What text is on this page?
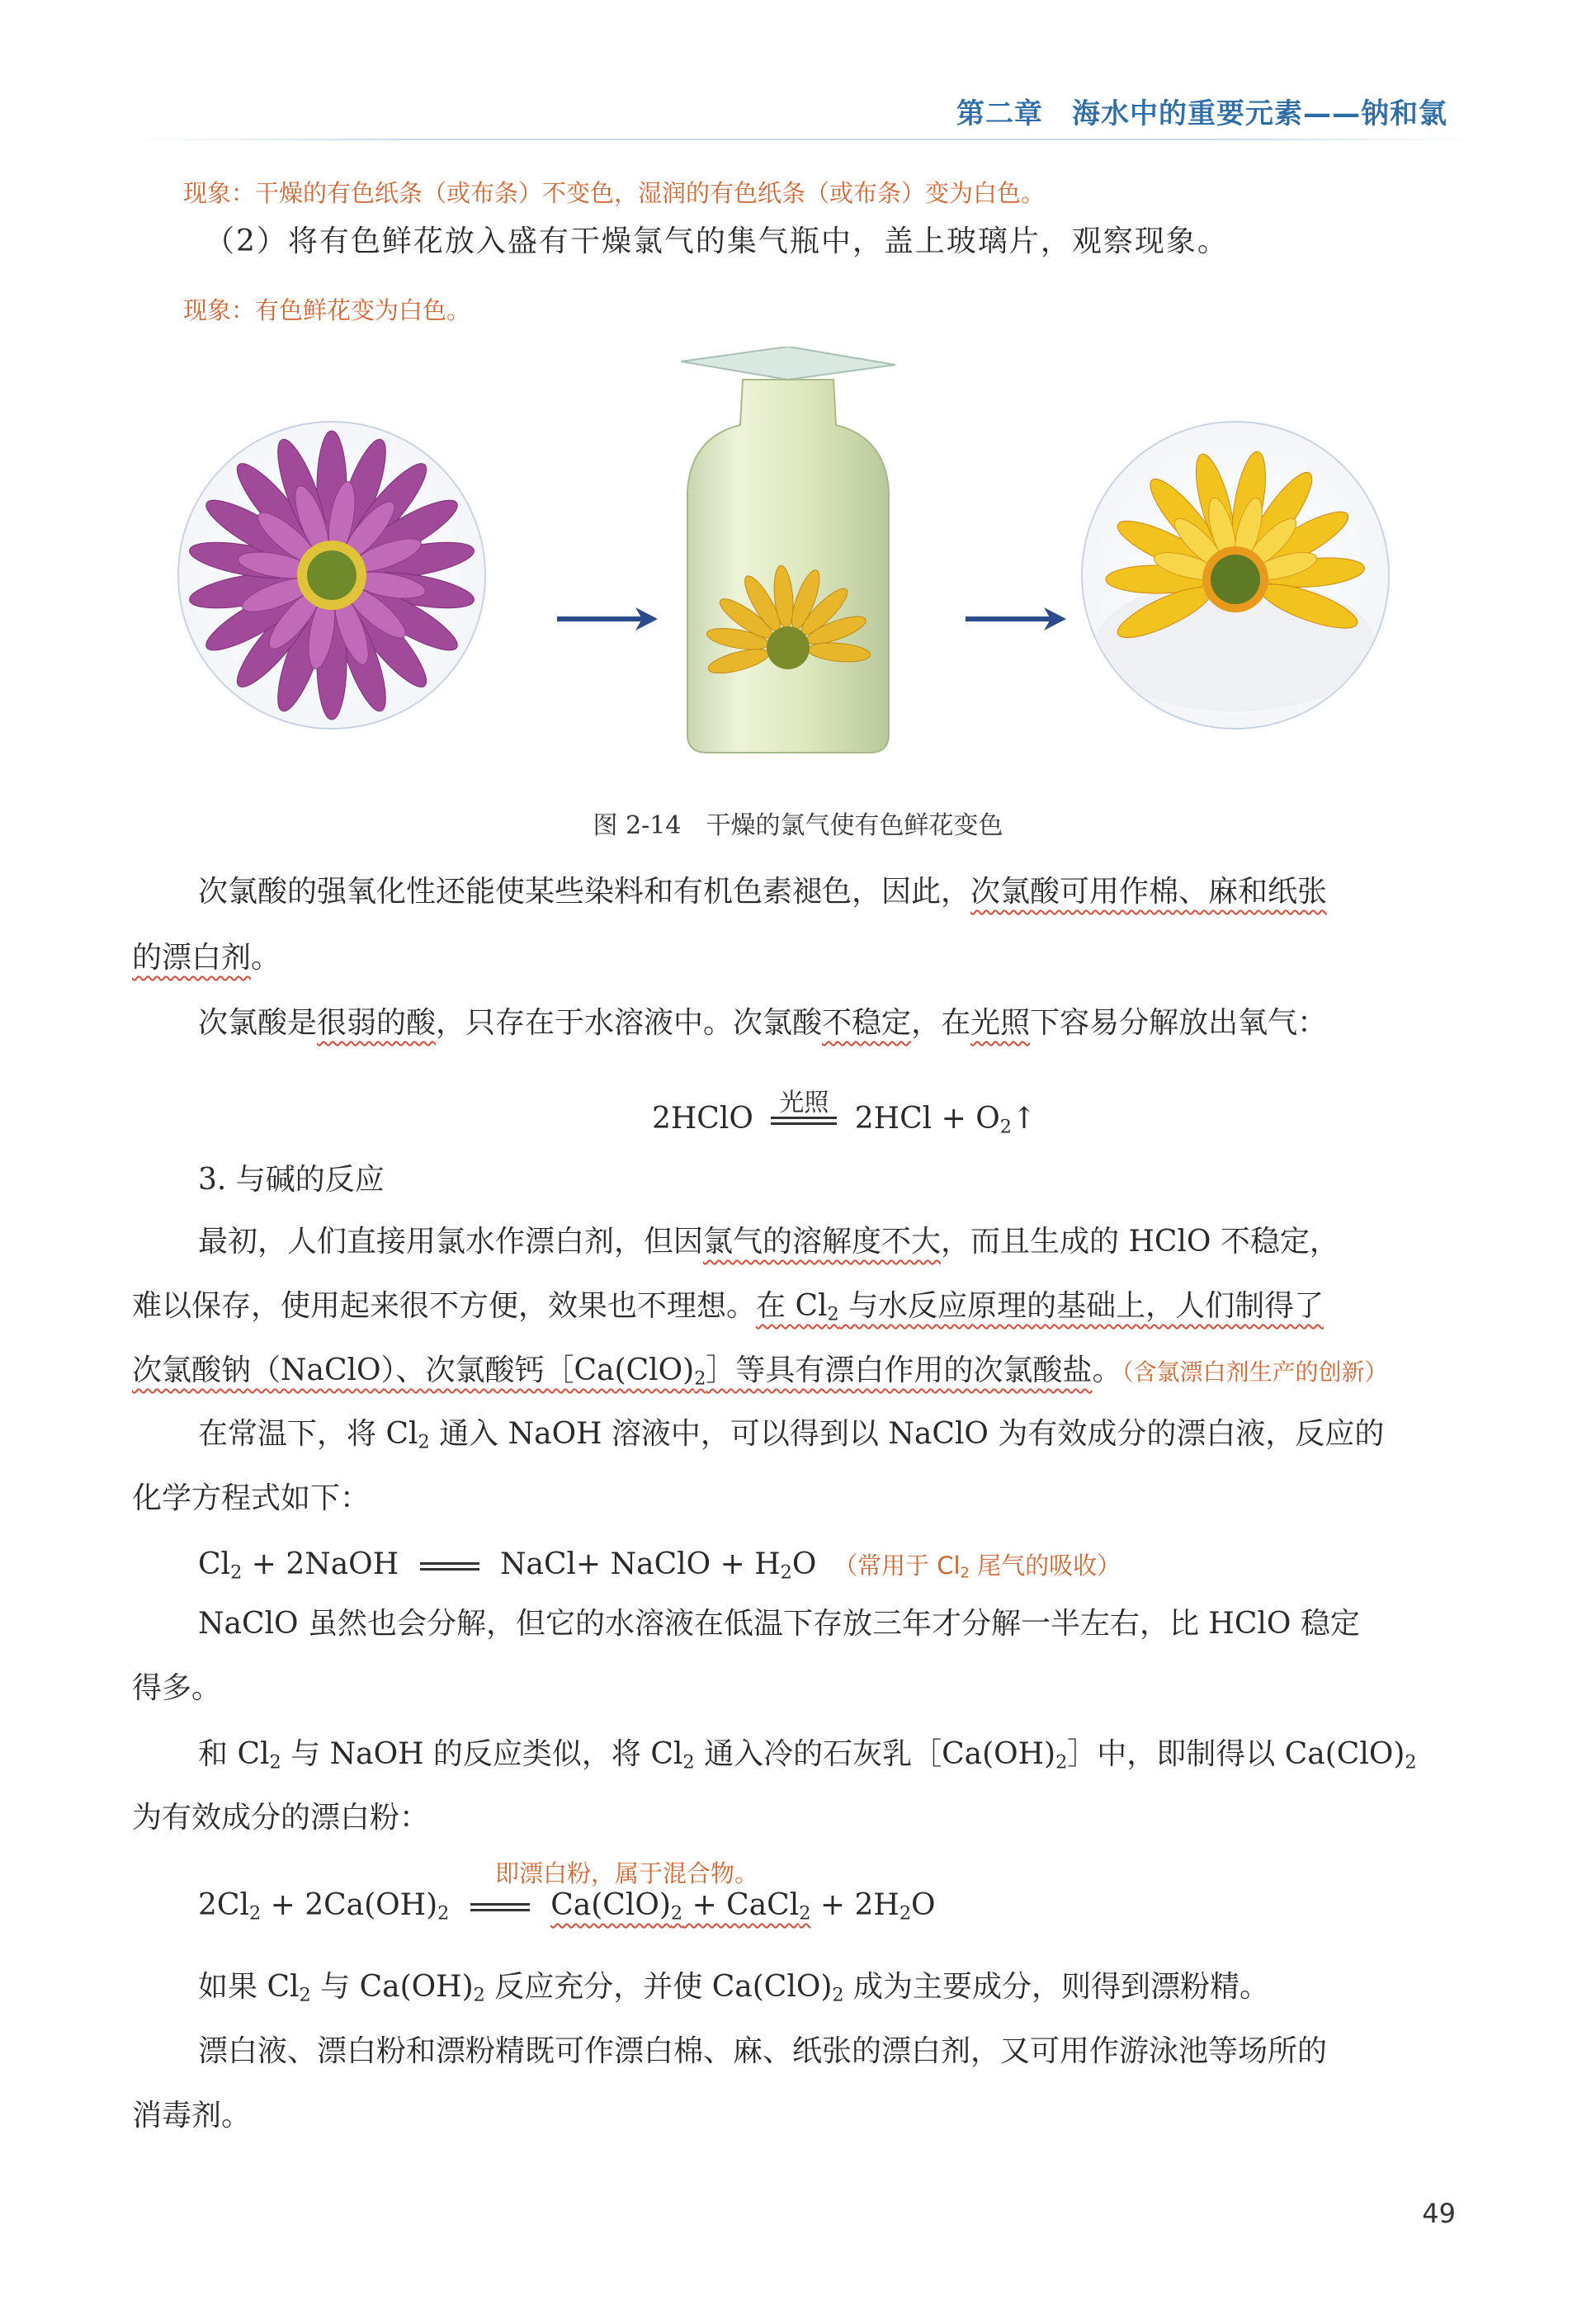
第二章　海水中的重要元素——钠和氯
现象：干燥的有色纸条（或布条）不变色，湿润的有色纸条（或布条）变为白色。
（2）将有色鲜花放入盛有干燥氯气的集气瓶中，盖上玻璃片，观察现象。
现象：有色鲜花变为白色。
图 2-14　干燥的氯气使有色鲜花变色
次氯酸的强氧化性还能使某些染料和有机色素褪色，因此，次氯酸可用作棉、麻和纸张
的漂白剂。
次氯酸是很弱的酸，只存在于水溶液中。次氯酸不稳定，在光照下容易分解放出氧气：
2HClO	光照 $2HCl + O_2↑$
3. 与碱的反应
最初，人们直接用氯水作漂白剂，但因氯气的溶解度不大，而且生成的 HClO 不稳定，
难以保存，使用起来很不方便，效果也不理想。在 $Cl_2$ 与水反应原理的基础上，人们制得了
次氯酸钠（NaClO）、次氯酸钙$[Ca(ClO)_2]$等具有漂白作用的次氯酸盐。（含氯漂白剂生产的创新）
在常温下，将 $Cl_2$ 通入 NaOH 溶液中，可以得到以 NaClO 为有效成分的漂白液，反应的
化学方程式如下：
$Cl_2$ + 2NaOH	NaCl+ NaClO + $H_2O$ （常用于 $Cl_2$ 尾气的吸收）
NaClO 虽然也会分解，但它的水溶液在低温下存放三年才分解一半左右，比 HClO 稳定
得多。
和 $Cl_2$ 与 NaOH 的反应类似，将 $Cl_2$ 通入冷的石灰乳$[Ca(OH)_2]$中，即制得以 $Ca(ClO)_2$
为有效成分的漂白粉：
即漂白粉，属于混合物。
$2Cl_2 + 2Ca(OH)_2$	$Ca(ClO)_2$ + CaCl$_2$ + $2H_2O$
如果 $Cl_2$ 与 $Ca(OH)_2$ 反应充分，并使 $Ca(ClO)_2$ 成为主要成分，则得到漂粉精。
漂白液、漂白粉和漂粉精既可作漂白棉、麻、纸张的漂白剂，又可用作游泳池等场所的
消毒剂。
49
